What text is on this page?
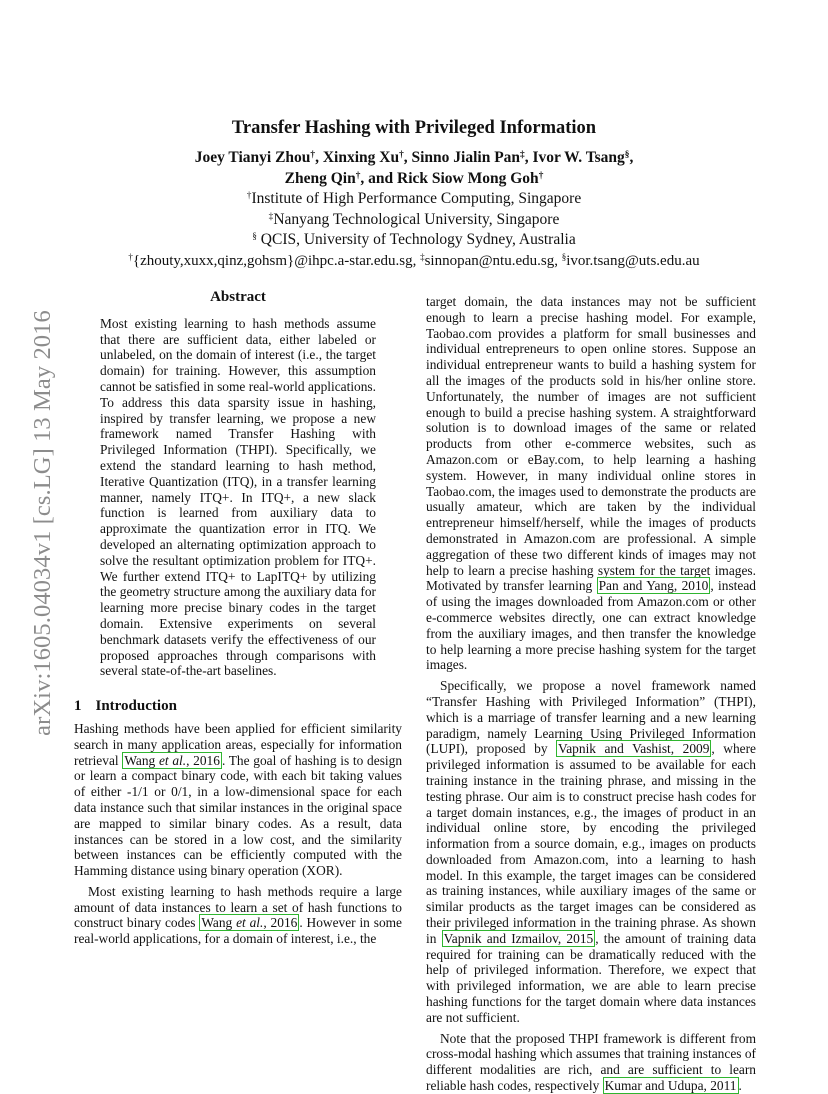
arXiv:1605.04034v1 [cs.LG] 13 May 2016
Transfer Hashing with Privileged Information
Joey Tianyi Zhou†, Xinxing Xu†, Sinno Jialin Pan‡, Ivor W. Tsang§,
Zheng Qin†, and Rick Siow Mong Goh†
†Institute of High Performance Computing, Singapore
‡Nanyang Technological University, Singapore
§ QCIS, University of Technology Sydney, Australia
†{zhouty,xuxx,qinz,gohsm}@ihpc.a-star.edu.sg, ‡sinnopan@ntu.edu.sg, §ivor.tsang@uts.edu.au
Abstract

Most existing learning to hash methods assume that there are sufficient data, either labeled or unlabeled, on the domain of interest (i.e., the target domain) for training. However, this assumption cannot be satisfied in some real-world applications. To address this data sparsity issue in hashing, inspired by transfer learning, we propose a new framework named Transfer Hashing with Privileged Information (THPI). Specifically, we extend the standard learning to hash method, Iterative Quantization (ITQ), in a transfer learning manner, namely ITQ+. In ITQ+, a new slack function is learned from auxiliary data to approximate the quantization error in ITQ. We developed an alternating optimization approach to solve the resultant optimization problem for ITQ+. We further extend ITQ+ to LapITQ+ by utilizing the geometry structure among the auxiliary data for learning more precise binary codes in the target domain. Extensive experiments on several benchmark datasets verify the effectiveness of our proposed approaches through comparisons with several state-of-the-art baselines.

1 Introduction

Hashing methods have been applied for efficient similarity search in many application areas, especially for information retrieval Wang et al., 2016 . The goal of hashing is to design or learn a compact binary code, with each bit taking values of either -1/1 or 0/1, in a low-dimensional space for each data instance such that similar instances in the original space are mapped to similar binary codes. As a result, data instances can be stored in a low cost, and the similarity between instances can be efficiently computed with the Hamming distance using binary operation (XOR).

Most existing learning to hash methods require a large amount of data instances to learn a set of hash functions to construct binary codes Wang et al., 2016 . However in some real-world applications, for a domain of interest, i.e., the

target domain, the data instances may not be sufficient enough to learn a precise hashing model. For example, Taobao.com provides a platform for small businesses and individual entrepreneurs to open online stores. Suppose an individual entrepreneur wants to build a hashing system for all the images of the products sold in his/her online store. Unfortunately, the number of images are not sufficient enough to build a precise hashing system. A straightforward solution is to download images of the same or related products from other e-commerce websites, such as Amazon.com or eBay.com, to help learning a hashing system. However, in many individual online stores in Taobao.com, the images used to demonstrate the products are usually amateur, which are taken by the individual entrepreneur himself/herself, while the images of products demonstrated in Amazon.com are professional. A simple aggregation of these two different kinds of images may not help to learn a precise hashing system for the target images. Motivated by transfer learning Pan and Yang, 2010 , instead of using the images downloaded from Amazon.com or other e-commerce websites directly, one can extract knowledge from the auxiliary images, and then transfer the knowledge to help learning a more precise hashing system for the target images.

Specifically, we propose a novel framework named “Transfer Hashing with Privileged Information” (THPI), which is a marriage of transfer learning and a new learning paradigm, namely Learning Using Privileged Information (LUPI), proposed by Vapnik and Vashist, 2009 , where privileged information is assumed to be available for each training instance in the training phrase, and missing in the testing phrase. Our aim is to construct precise hash codes for a target domain instances, e.g., the images of product in an individual online store, by encoding the privileged information from a source domain, e.g., images on products downloaded from Amazon.com, into a learning to hash model. In this example, the target images can be considered as training instances, while auxiliary images of the same or similar products as the target images can be considered as their privileged information in the training phrase. As shown in Vapnik and Izmailov, 2015 , the amount of training data required for training can be dramatically reduced with the help of privileged information. Therefore, we expect that with privileged information, we are able to learn precise hashing functions for the target domain where data instances are not sufficient.

Note that the proposed THPI framework is different from cross-modal hashing which assumes that training instances of different modalities are rich, and are sufficient to learn reliable hash codes, respectively Kumar and Udupa, 2011 .
